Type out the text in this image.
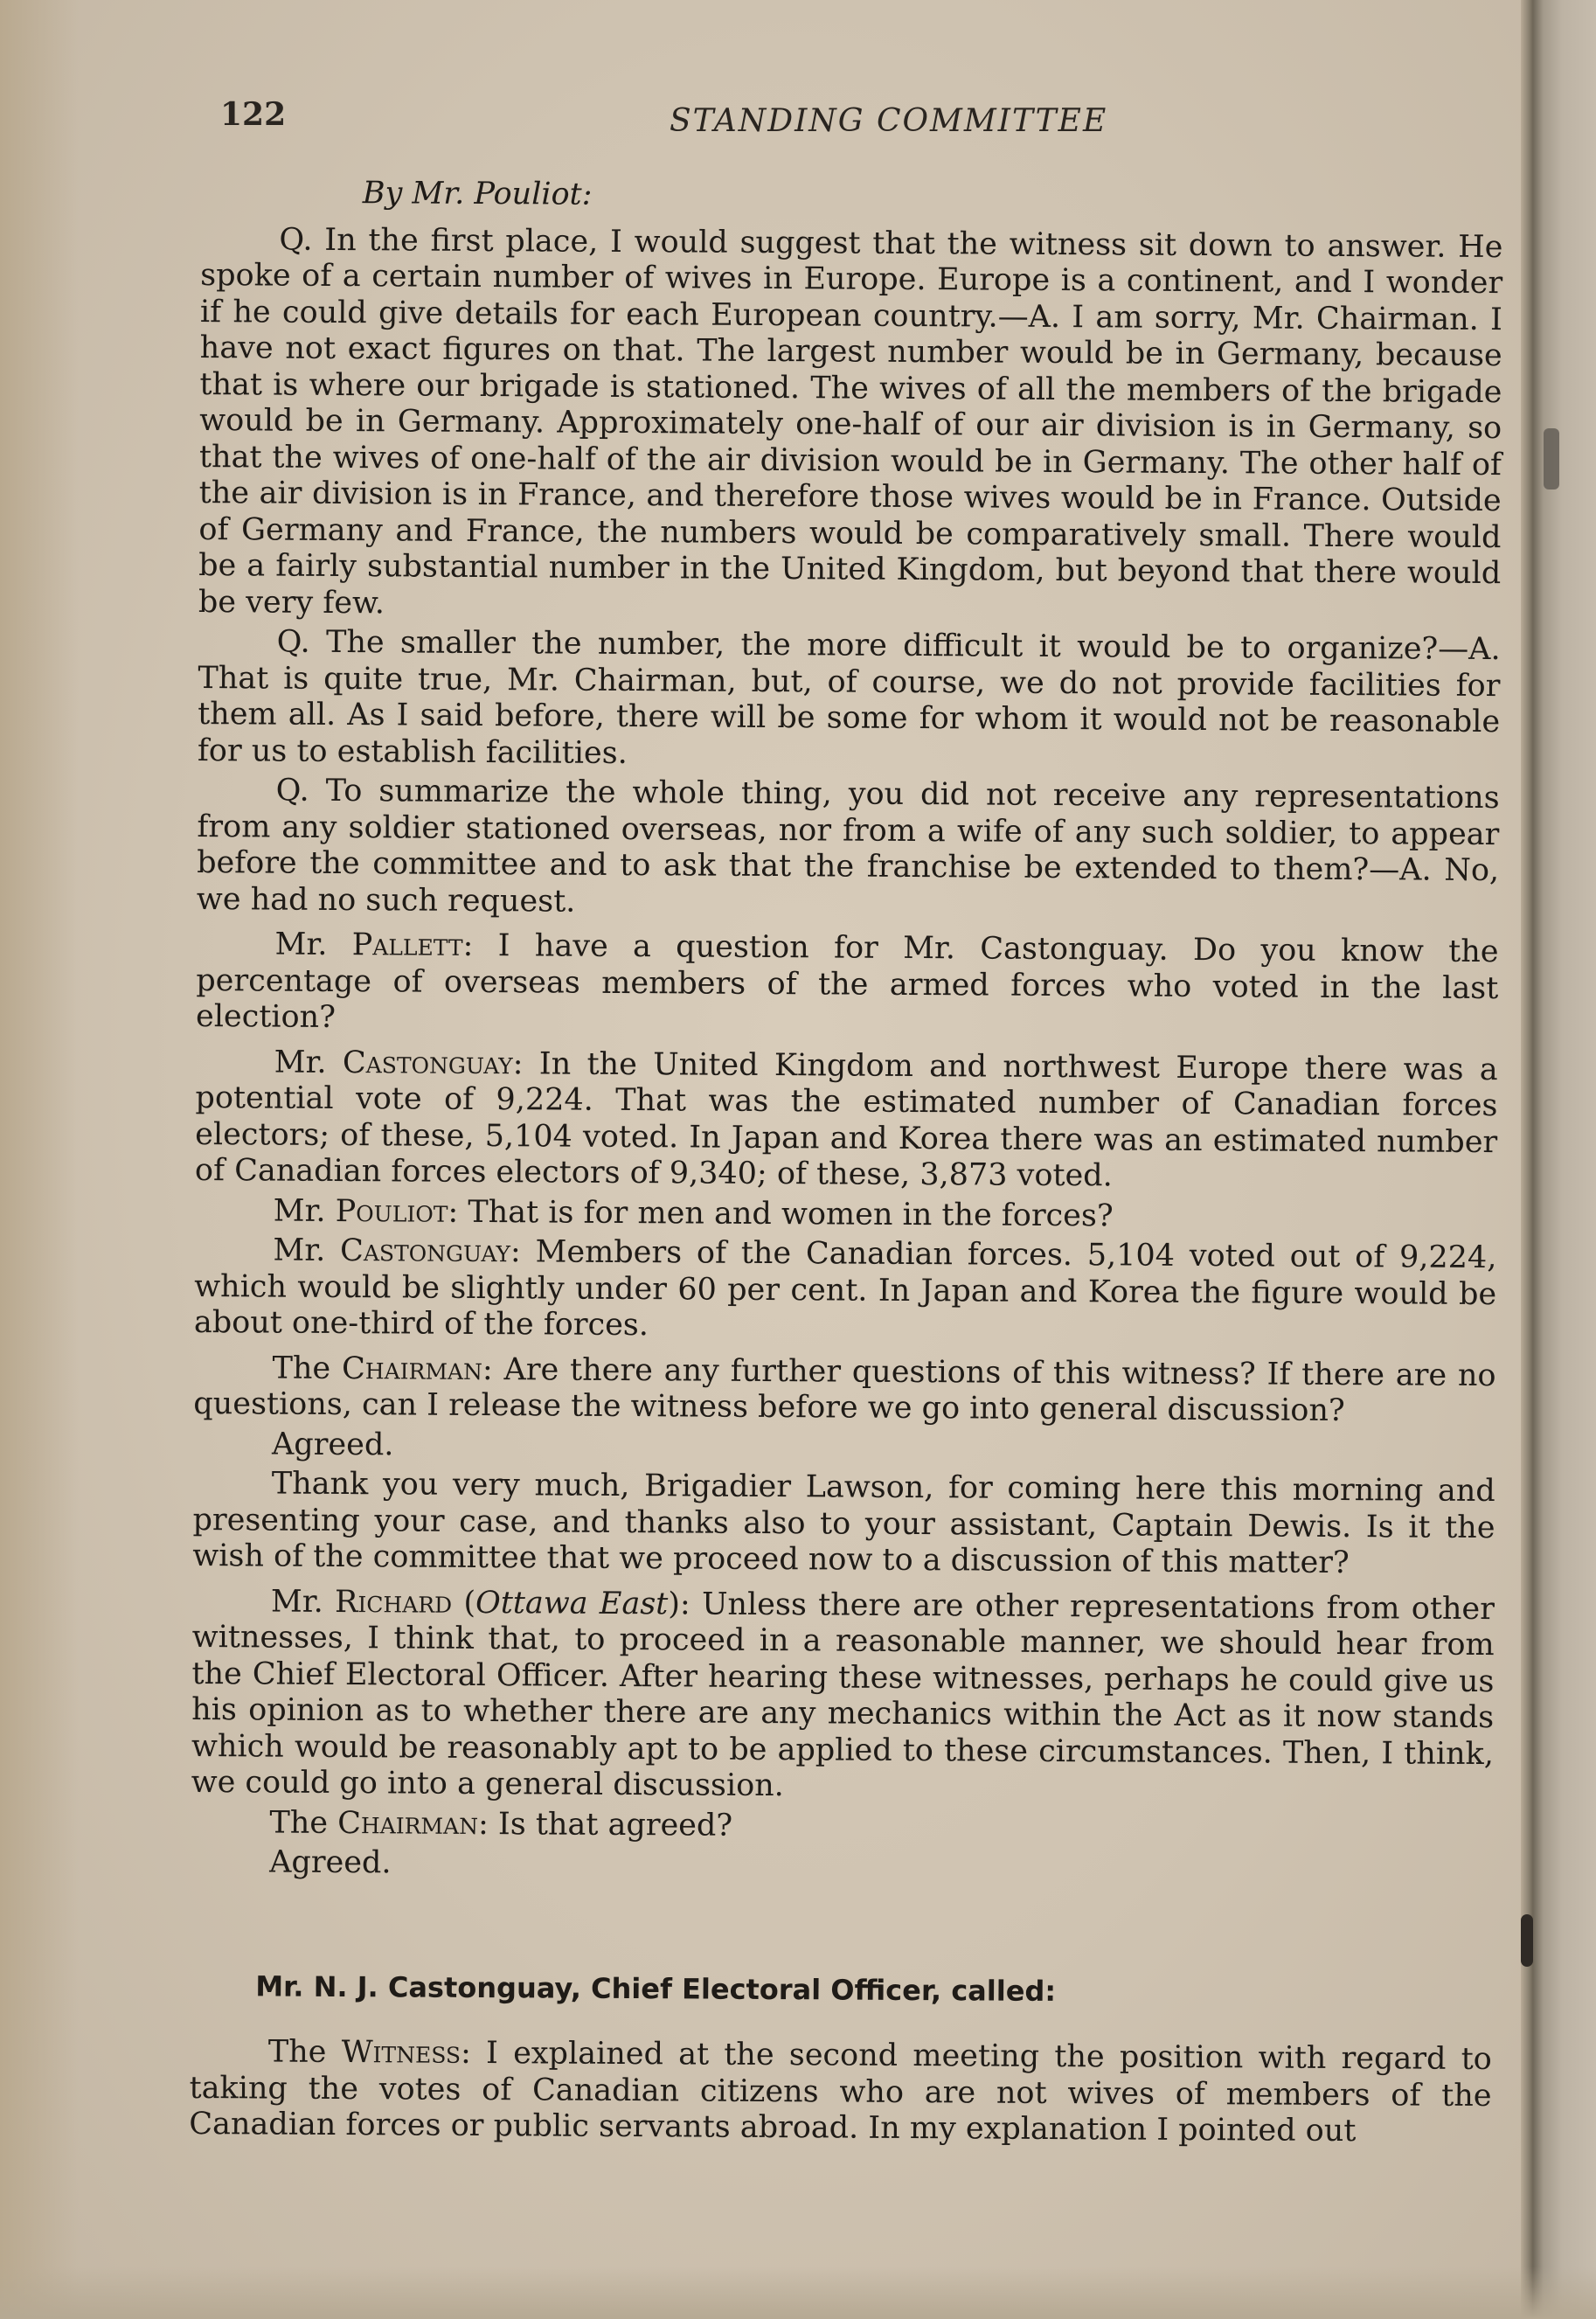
122	STANDING COMMITTEE
By Mr. Pouliot:

Q. In the first place, I would suggest that the witness sit down to answer. He spoke of a certain number of wives in Europe. Europe is a continent, and I wonder if he could give details for each European country.—A. I am sorry, Mr. Chairman. I have not exact figures on that. The largest number would be in Germany, because that is where our brigade is stationed. The wives of all the members of the brigade would be in Germany. Approximately one-half of our air division is in Germany, so that the wives of one-half of the air division would be in Germany. The other half of the air division is in France, and therefore those wives would be in France. Outside of Germany and France, the numbers would be comparatively small. There would be a fairly substantial number in the United Kingdom, but beyond that there would be very few.

Q. The smaller the number, the more difficult it would be to organize?—A. That is quite true, Mr. Chairman, but, of course, we do not provide facilities for them all. As I said before, there will be some for whom it would not be reasonable for us to establish facilities.

Q. To summarize the whole thing, you did not receive any representations from any soldier stationed overseas, nor from a wife of any such soldier, to appear before the committee and to ask that the franchise be extended to them?—A. No, we had no such request.

Mr. Pallett: I have a question for Mr. Castonguay. Do you know the percentage of overseas members of the armed forces who voted in the last election?

Mr. Castonguay: In the United Kingdom and northwest Europe there was a potential vote of 9,224. That was the estimated number of Canadian forces electors; of these, 5,104 voted. In Japan and Korea there was an estimated number of Canadian forces electors of 9,340; of these, 3,873 voted.

Mr. Pouliot: That is for men and women in the forces?

Mr. Castonguay: Members of the Canadian forces. 5,104 voted out of 9,224, which would be slightly under 60 per cent. In Japan and Korea the figure would be about one-third of the forces.

The Chairman: Are there any further questions of this witness? If there are no questions, can I release the witness before we go into general discussion?

Agreed.

Thank you very much, Brigadier Lawson, for coming here this morning and presenting your case, and thanks also to your assistant, Captain Dewis. Is it the wish of the committee that we proceed now to a discussion of this matter?

Mr. Richard (Ottawa East): Unless there are other representations from other witnesses, I think that, to proceed in a reasonable manner, we should hear from the Chief Electoral Officer. After hearing these witnesses, perhaps he could give us his opinion as to whether there are any mechanics within the Act as it now stands which would be reasonably apt to be applied to these circumstances. Then, I think, we could go into a general discussion.

The Chairman: Is that agreed?

Agreed.

Mr. N. J. Castonguay, Chief Electoral Officer, called:

The Witness: I explained at the second meeting the position with regard to taking the votes of Canadian citizens who are not wives of members of the Canadian forces or public servants abroad. In my explanation I pointed out
